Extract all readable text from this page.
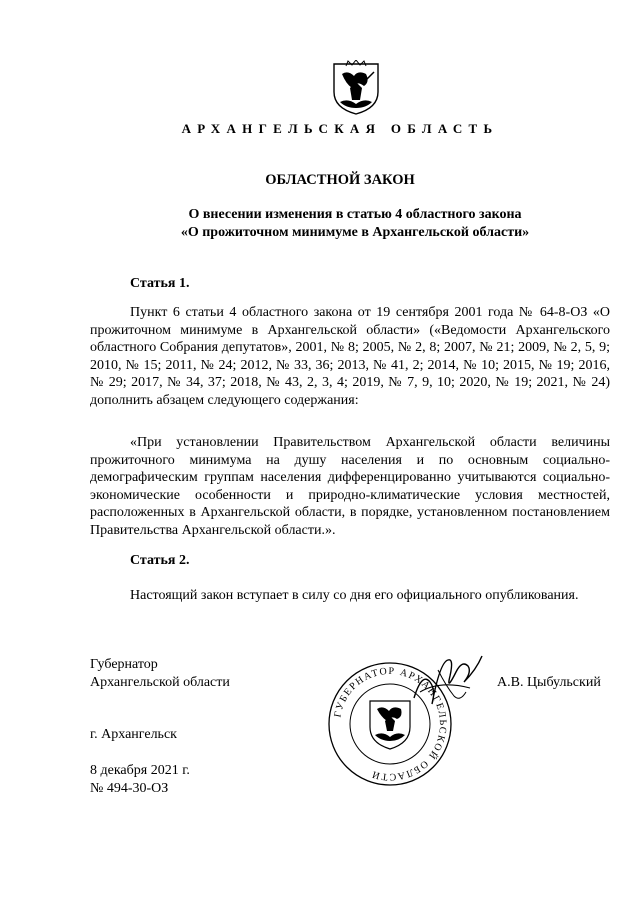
АРХАНГЕЛЬСКАЯ ОБЛАСТЬ
ОБЛАСТНОЙ ЗАКОН
О внесении изменения в статью 4 областного закона
«О прожиточном минимуме в Архангельской области»
Статья 1.

Пункт 6 статьи 4 областного закона от 19 сентября 2001 года № 64-8-ОЗ «О прожиточном минимуме в Архангельской области» («Ведомости Архангельского областного Собрания депутатов», 2001, № 8; 2005, № 2, 8; 2007, № 21; 2009, № 2, 5, 9; 2010, № 15; 2011, № 24; 2012, № 33, 36; 2013, № 41, 2; 2014, № 10; 2015, № 19; 2016, № 29; 2017, № 34, 37; 2018, № 43, 2, 3, 4; 2019, № 7, 9, 10; 2020, № 19; 2021, № 24) дополнить абзацем следующего содержания:

«При установлении Правительством Архангельской области величины прожиточного минимума на душу населения и по основным социально-демографическим группам населения дифференцированно учитываются социально-экономические особенности и природно-климатические условия местностей, расположенных в Архангельской области, в порядке, установленном постановлением Правительства Архангельской области.».

Статья 2.

Настоящий закон вступает в силу со дня его официального опубликования.

Губернатор
Архангельской области	А.В. Цыбульский
ГУБЕРНАТОР АРХАНГЕЛЬСКОЙ ОБЛАСТИ
г. Архангельск
8 декабря 2021 г.
№ 494-30-ОЗ
